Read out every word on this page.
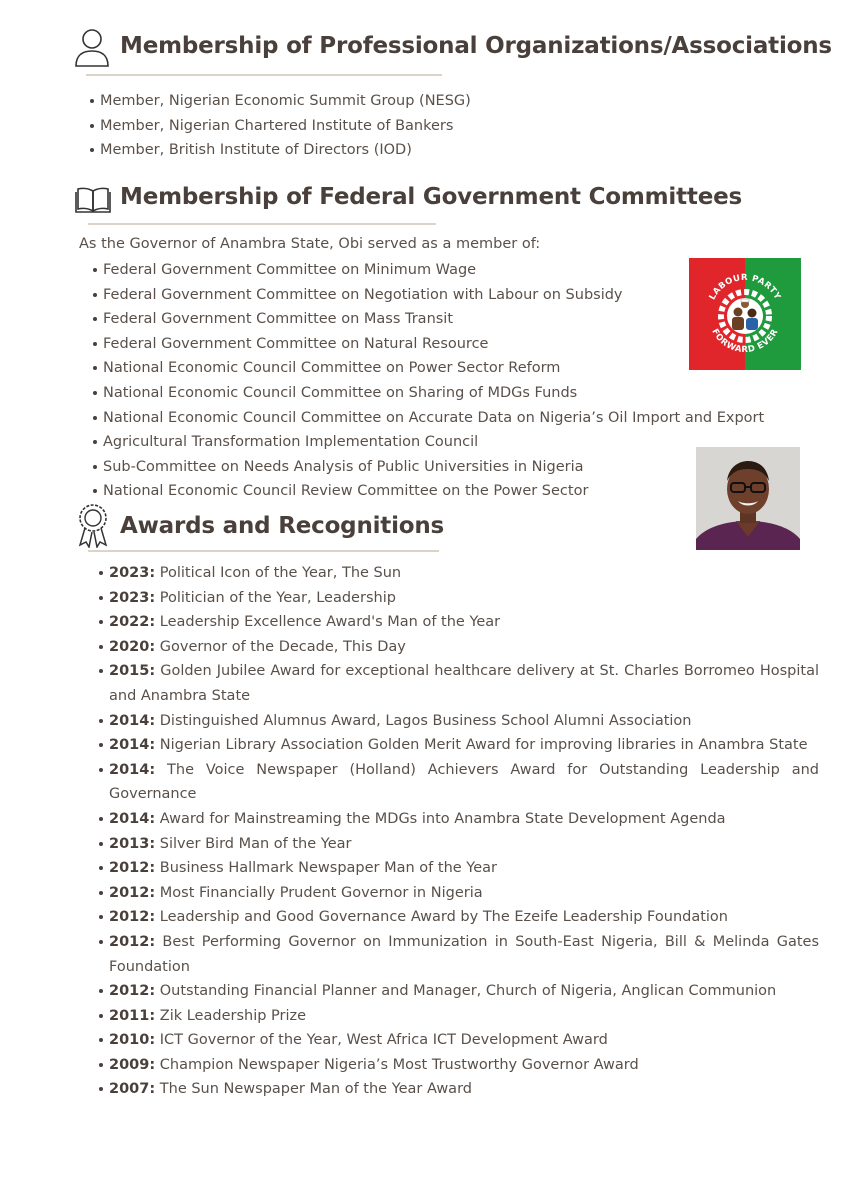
Membership of Professional Organizations/Associations
Member, Nigerian Economic Summit Group (NESG)
Member, Nigerian Chartered Institute of Bankers
Member, British Institute of Directors (IOD)
Membership of Federal Government Committees
As the Governor of Anambra State, Obi served as a member of:
Federal Government Committee on Minimum Wage
Federal Government Committee on Negotiation with Labour on Subsidy
Federal Government Committee on Mass Transit
Federal Government Committee on Natural Resource
National Economic Council Committee on Power Sector Reform
National Economic Council Committee on Sharing of MDGs Funds
National Economic Council Committee on Accurate Data on Nigeria’s Oil Import and Export
Agricultural Transformation Implementation Council
Sub-Committee on Needs Analysis of Public Universities in Nigeria
National Economic Council Review Committee on the Power Sector
LABOUR PARTY
FORWARD EVER
Awards and Recognitions
2023: Political Icon of the Year, The Sun
2023: Politician of the Year, Leadership
2022: Leadership Excellence Award's Man of the Year
2020: Governor of the Decade, This Day
2015: Golden Jubilee Award for exceptional healthcare delivery at St. Charles Borromeo Hospital and Anambra State
2014: Distinguished Alumnus Award, Lagos Business School Alumni Association
2014: Nigerian Library Association Golden Merit Award for improving libraries in Anambra State
2014: The Voice Newspaper (Holland) Achievers Award for Outstanding Leadership and Governance
2014: Award for Mainstreaming the MDGs into Anambra State Development Agenda
2013: Silver Bird Man of the Year
2012: Business Hallmark Newspaper Man of the Year
2012: Most Financially Prudent Governor in Nigeria
2012: Leadership and Good Governance Award by The Ezeife Leadership Foundation
2012: Best Performing Governor on Immunization in South-East Nigeria, Bill & Melinda Gates Foundation
2012: Outstanding Financial Planner and Manager, Church of Nigeria, Anglican Communion
2011: Zik Leadership Prize
2010: ICT Governor of the Year, West Africa ICT Development Award
2009: Champion Newspaper Nigeria’s Most Trustworthy Governor Award
2007: The Sun Newspaper Man of the Year Award
